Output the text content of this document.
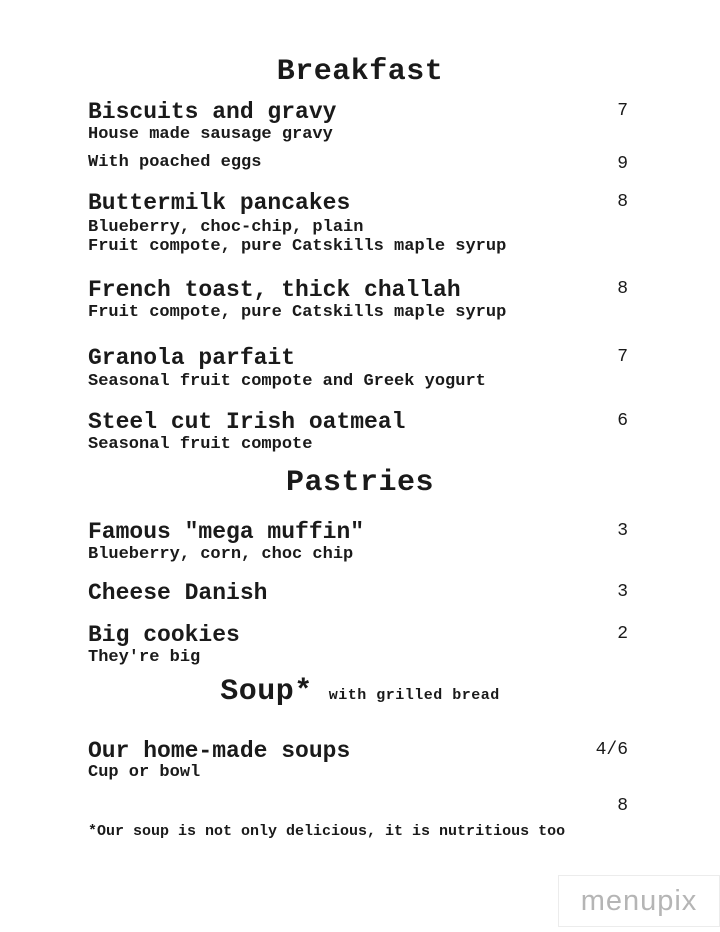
Breakfast
Biscuits and gravy	7
House made sausage gravy
With poached eggs	9
Buttermilk pancakes	8
Blueberry, choc-chip, plain
Fruit compote, pure Catskills maple syrup
French toast, thick challah	8
Fruit compote, pure Catskills maple syrup
Granola parfait	7
Seasonal fruit compote and Greek yogurt
Steel cut Irish oatmeal	6
Seasonal fruit compote
Pastries
Famous "mega muffin"	3
Blueberry, corn, choc chip
Cheese Danish	3
Big cookies	2
They're big
Soup* with grilled bread
Our home-made soups	4/6
Cup or bowl
8
*Our soup is not only delicious, it is nutritious too
menupix
